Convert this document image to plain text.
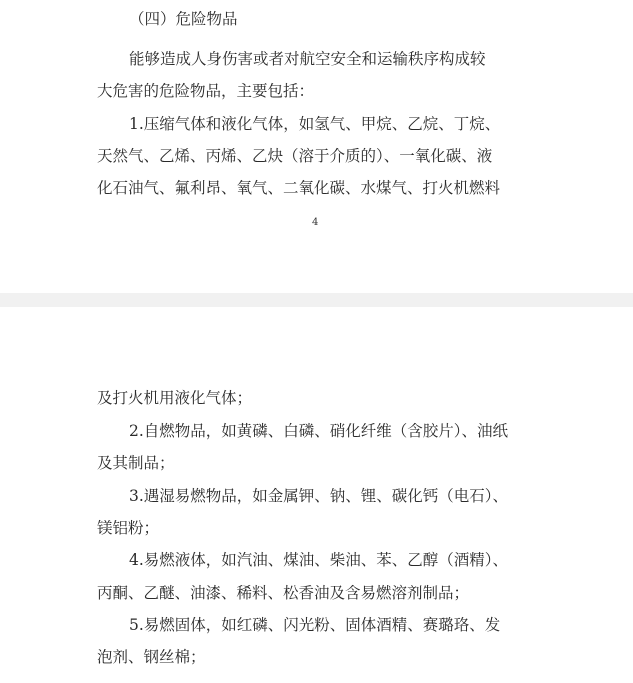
（四）危险物品
能够造成人身伤害或者对航空安全和运输秩序构成较
大危害的危险物品，主要包括：
1.压缩气体和液化气体，如氢气、甲烷、乙烷、丁烷、
天然气、乙烯、丙烯、乙炔（溶于介质的）、一氧化碳、液
化石油气、氟利昂、氧气、二氧化碳、水煤气、打火机燃料
4
及打火机用液化气体；
2.自燃物品，如黄磷、白磷、硝化纤维（含胶片）、油纸
及其制品；
3.遇湿易燃物品，如金属钾、钠、锂、碳化钙（电石）、
镁铝粉；
4.易燃液体，如汽油、煤油、柴油、苯、乙醇（酒精）、
丙酮、乙醚、油漆、稀料、松香油及含易燃溶剂制品；
5.易燃固体，如红磷、闪光粉、固体酒精、赛璐珞、发
泡剂、钢丝棉；
